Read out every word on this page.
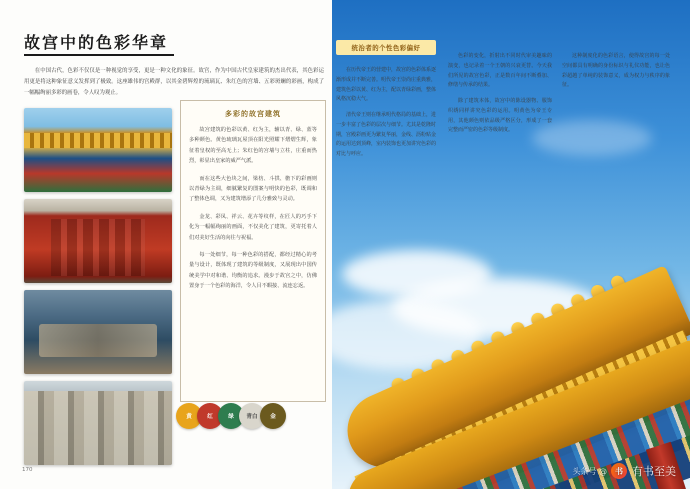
故宫中的色彩华章
在中国古代，色彩不仅仅是一种视觉的享受，更是一种文化的象征。故宫，作为中国古代皇家建筑的杰出代表，其色彩运用更是将这种象征意义发挥到了极致。这座雄伟的宫殿群，以其金碧辉煌的琉璃瓦、朱红色的宫墙、五彩斑斓的彩画，构成了一幅幅绚丽多彩的画卷，令人叹为观止。
多彩的故宫建筑

故宫建筑的色彩以黄、红为主，辅以青、绿、蓝等多种颜色。黄色琉璃瓦屋顶在阳光照耀下熠熠生辉，象征着皇权的至高无上；朱红色的宫墙与立柱，庄重而热烈，彰显出皇家的威严气派。

而在这些大色块之间，梁枋、斗拱、檐下的彩画则以青绿为主调，细腻繁复的图案与明快的色彩，既调和了整体色调，又为建筑增添了几分雅致与灵动。

金龙、彩凤、祥云、花卉等纹样，在匠人的巧手下化为一幅幅绚丽的画面，不仅美化了建筑，更寄托着人们对美好生活的向往与祝福。

每一处细节，每一种色彩的搭配，都经过精心的考量与设计，既体现了建筑的等级制度，又展现出中国传统美学中对和谐、均衡的追求。漫步于故宫之中，仿佛置身于一个色彩的海洋，令人目不暇接、流连忘返。

统治者的个性色彩偏好

在历代帝王的营建中，故宫的色彩体系逐渐形成并不断完善。明代帝王崇尚庄重典雅，建筑色彩以黄、红为主，配以青绿彩画，整体风格沉稳大气。

清代帝王则在继承明代格局的基础上，进一步丰富了色彩的层次与细节。尤其是乾隆时期，宫殿彩画更为繁复华丽，金线、沥粉贴金的运用达到顶峰，室内装饰也更加讲究色彩的对比与呼应。

色彩的变化，折射出不同时代审美趣味的演变，也记录着一个王朝的兴衰更替。今天我们所见的故宫色彩，正是数百年间不断叠加、修缮与传承的结果。

除了建筑本体，故宫中的陈设器物、服饰织绣同样讲究色彩的运用。明黄色为帝王专用，其他颜色则依品级严格区分，形成了一套完整而严密的色彩等级制度。

这种制度化的色彩语言，使得故宫的每一处空间都具有明确的身份标识与礼仪功能，也让色彩超越了单纯的装饰意义，成为权力与秩序的象征。

黄	红	绿	青白	金
170	头条号 @	书 有书至美
